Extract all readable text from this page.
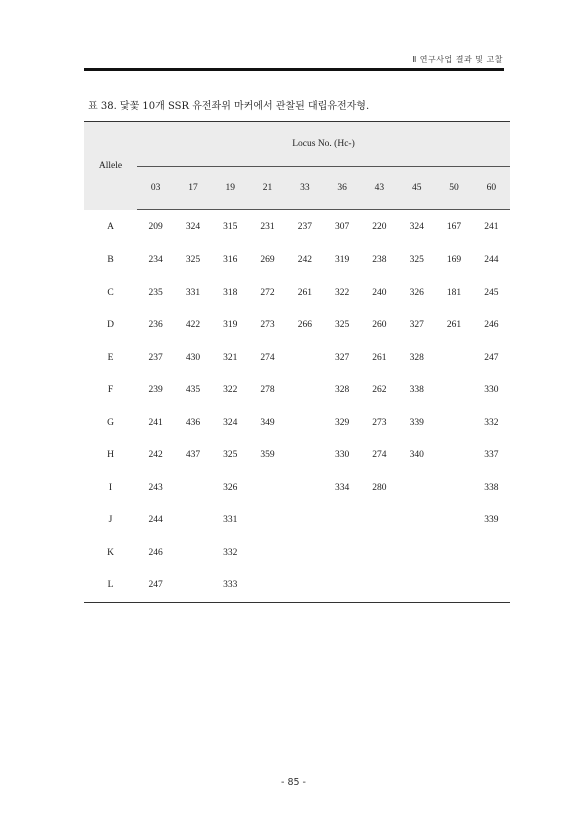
Ⅱ 연구사업 결과 및 고찰
표 38. 닻꽃 10개 SSR 유전좌위 마커에서 관찰된 대립유전자형.
Allele	Locus No. (Hc-)									
	03	17	19	21	33	36	43	45	50	60
A	209	324	315	231	237	307	220	324	167	241
B	234	325	316	269	242	319	238	325	169	244
C	235	331	318	272	261	322	240	326	181	245
D	236	422	319	273	266	325	260	327	261	246
E	237	430	321	274		327	261	328		247
F	239	435	322	278		328	262	338		330
G	241	436	324	349		329	273	339		332
H	242	437	325	359		330	274	340		337
I	243		326			334	280			338
J	244		331							339
K	246		332							
L	247		333							
- 85 -
